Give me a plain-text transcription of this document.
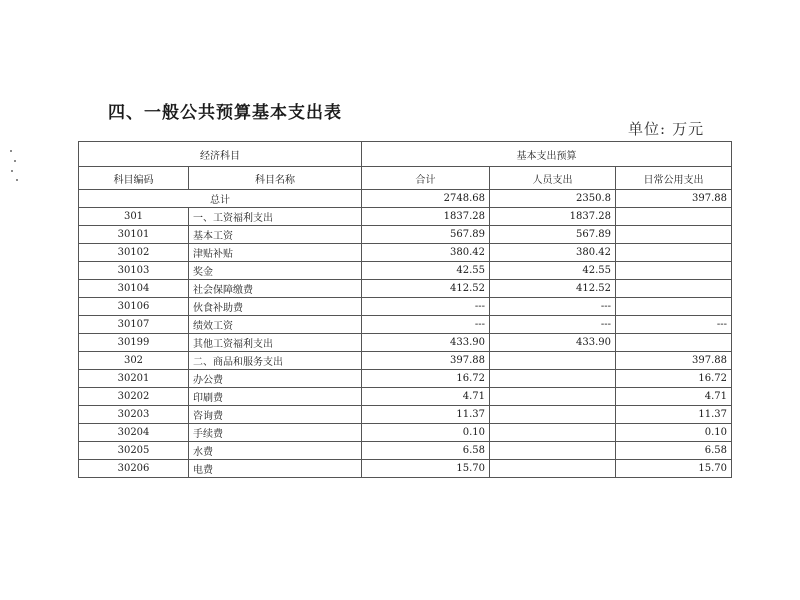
四、一般公共预算基本支出表
单位: 万元
经济科目		基本支出预算		
科目编码	科目名称	合计	人员支出	日常公用支出
总计		2748.68	2350.8	397.88
301	一、工资福利支出	1837.28	1837.28	
30101	基本工资	567.89	567.89	
30102	津贴补贴	380.42	380.42	
30103	奖金	42.55	42.55	
30104	社会保障缴费	412.52	412.52	
30106	伙食补助费	---	---	
30107	绩效工资	---	---	---
30199	其他工资福利支出	433.90	433.90	
302	二、商品和服务支出	397.88		397.88
30201	办公费	16.72		16.72
30202	印刷费	4.71		4.71
30203	咨询费	11.37		11.37
30204	手续费	0.10		0.10
30205	水费	6.58		6.58
30206	电费	15.70		15.70
